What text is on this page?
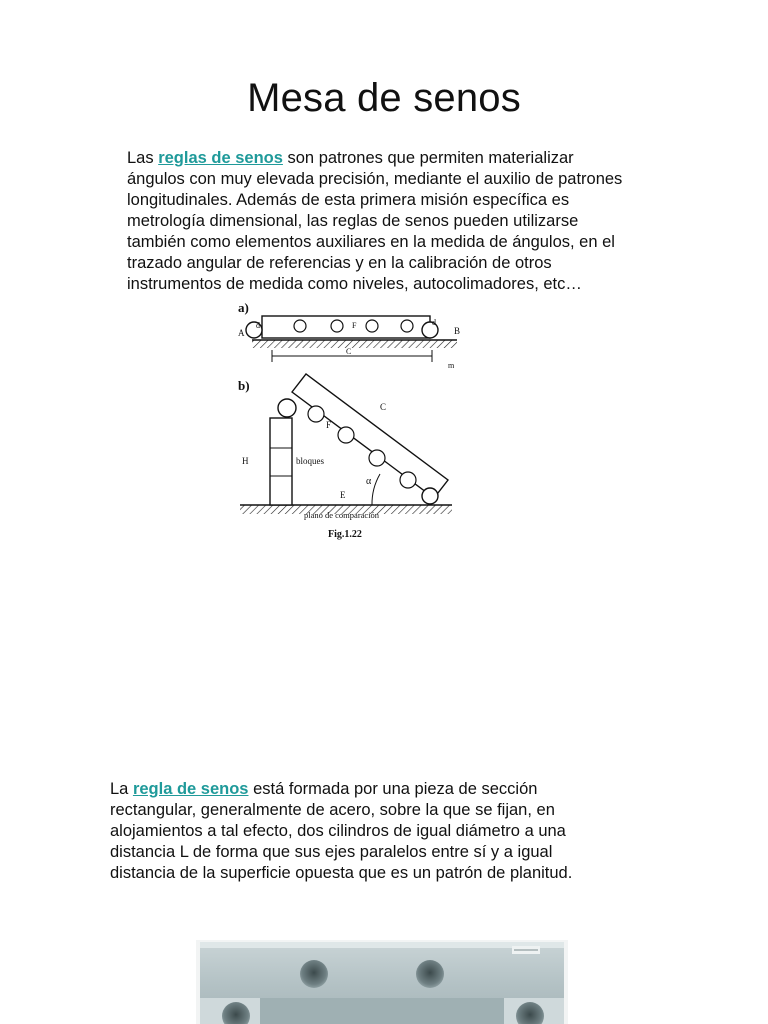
Mesa de senos

Las reglas de senos son patrones que permiten materializar
ángulos con muy elevada precisión, mediante el auxilio de patrones
longitudinales. Además de esta primera misión específica es
metrología dimensional, las reglas de senos pueden utilizarse
también como elementos auxiliares en la medida de ángulos, en el
trazado angular de referencias y en la calibración de otros
instrumentos de medida como niveles, autocolimadores, etc…

a)
A	B
d	d
F
C
m
b)
H	bloques
C
F
α
E
plano de comparación
Fig.1.22

La regla de senos está formada por una pieza de sección
rectangular, generalmente de acero, sobre la que se fijan, en
alojamientos a tal efecto, dos cilindros de igual diámetro a una
distancia L de forma que sus ejes paralelos entre sí y a igual
distancia de la superficie opuesta que es un patrón de planitud.
